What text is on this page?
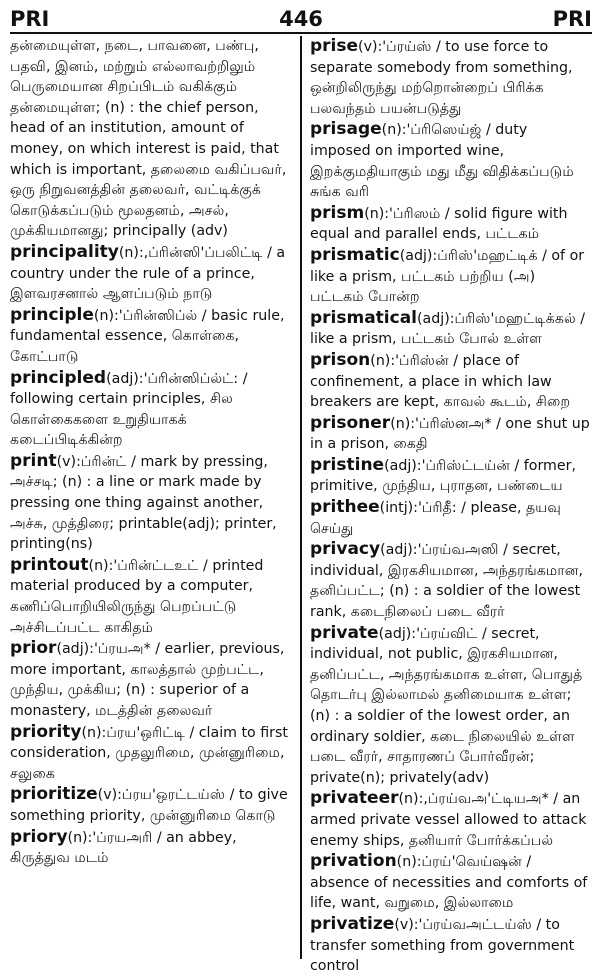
446
PRI	PRI

தன்மையுள்ள, நடை, பாவனை, பண்பு, பதவி, இனம், மற்றும் எல்லாவற்றிலும் பெருமையான சிறப்பிடம் வகிக்கும் தன்மையுள்ள; (n) : the chief person, head of an institution, amount of money, on which interest is paid, that which is important, தலைமை வகிப்பவர், ஒரு நிறுவனத்தின் தலைவர், வட்டிக்குக் கொடுக்கப்படும் மூலதனம், அசல், முக்கியமானது; principally (adv)

principality(n):,ப்ரின்ஸி'ப்பலிட்டி / a country under the rule of a prince, இளவரசனால் ஆளப்படும் நாடு

principle(n):'ப்ரின்ஸிப்ல் / basic rule, fundamental essence, கொள்கை, கோட்பாடு

principled(adj):'ப்ரின்ஸிப்ல்ட்: / following certain principles, சில கொள்கைகளை உறுதியாகக் கடைப்பிடிக்கின்ற

print(v):ப்ரின்ட் / mark by pressing, அச்சடி; (n) : a line or mark made by pressing one thing against another, அச்சு, முத்திரை; printable(adj); printer, printing(ns)

printout(n):'ப்ரின்ட்டஉட் / printed material produced by a computer, கணிப்பொறியிலிருந்து பெறப்பட்டு அச்சிடப்பட்ட காகிதம்

prior(adj):'ப்ரயஅ* / earlier, previous, more important, காலத்தால் முற்பட்ட, முந்திய, முக்கிய; (n) : superior of a monastery, மடத்தின் தலைவர்

priority(n):ப்ரய'ஒரிட்டி / claim to first consideration, முதலுரிமை, முன்னுரிமை, சலுகை

prioritize(v):ப்ரய'ஒரட்டய்ஸ் / to give something priority, முன்னுரிமை கொடு

priory(n):'ப்ரயஅரி / an abbey, கிருத்துவ மடம்

prise(v):'ப்ரய்ஸ் / to use force to separate somebody from something, ஒன்றிலிருந்து மற்றொன்றைப் பிரிக்க பலவந்தம் பயன்படுத்து

prisage(n):'ப்ரிஸெய்ஜ் / duty imposed on imported wine, இறக்குமதியாகும் மது மீது விதிக்கப்படும் சுங்க வரி

prism(n):'ப்ரிஸம் / solid figure with equal and parallel ends, பட்டகம்

prismatic(adj):ப்ரிஸ்'மஹட்டிக் / of or like a prism, பட்டகம் பற்றிய (அ) பட்டகம் போன்ற

prismatical(adj):ப்ரிஸ்'மஹட்டிக்கல் / like a prism, பட்டகம் போல் உள்ள

prison(n):'ப்ரிஸ்ன் / place of confinement, a place in which law breakers are kept, காவல் கூடம், சிறை

prisoner(n):'ப்ரிஸ்னஅ* / one shut up in a prison, கைதி

pristine(adj):'ப்ரிஸ்ட்டய்ன் / former, primitive, முந்திய, புராதன, பண்டைய

prithee(intj):'ப்ரிதீ: / please, தயவு செய்து

privacy(adj):'ப்ரய்வஅஸி / secret, individual, இரகசியமான, அந்தரங்கமான, தனிப்பட்ட; (n) : a soldier of the lowest rank, கடைநிலைப் படை வீரர்

private(adj):'ப்ரய்விட் / secret, individual, not public, இரகசியமான, தனிப்பட்ட, அந்தரங்கமாக உள்ள, பொதுத் தொடர்பு இல்லாமல் தனிமையாக உள்ள; (n) : a soldier of the lowest order, an ordinary soldier, கடை நிலையில் உள்ள படை வீரர், சாதாரணப் போர்வீரன்; private(n); privately(adv)

privateer(n):,ப்ரய்வஅ'ட்டியஅ* / an armed private vessel allowed to attack enemy ships, தனியார் போர்க்கப்பல்

privation(n):ப்ரய்'வெய்ஷன் / absence of necessities and comforts of life, want, வறுமை, இல்லாமை

privatize(v):'ப்ரய்வஅட்டய்ஸ் / to transfer something from government control
